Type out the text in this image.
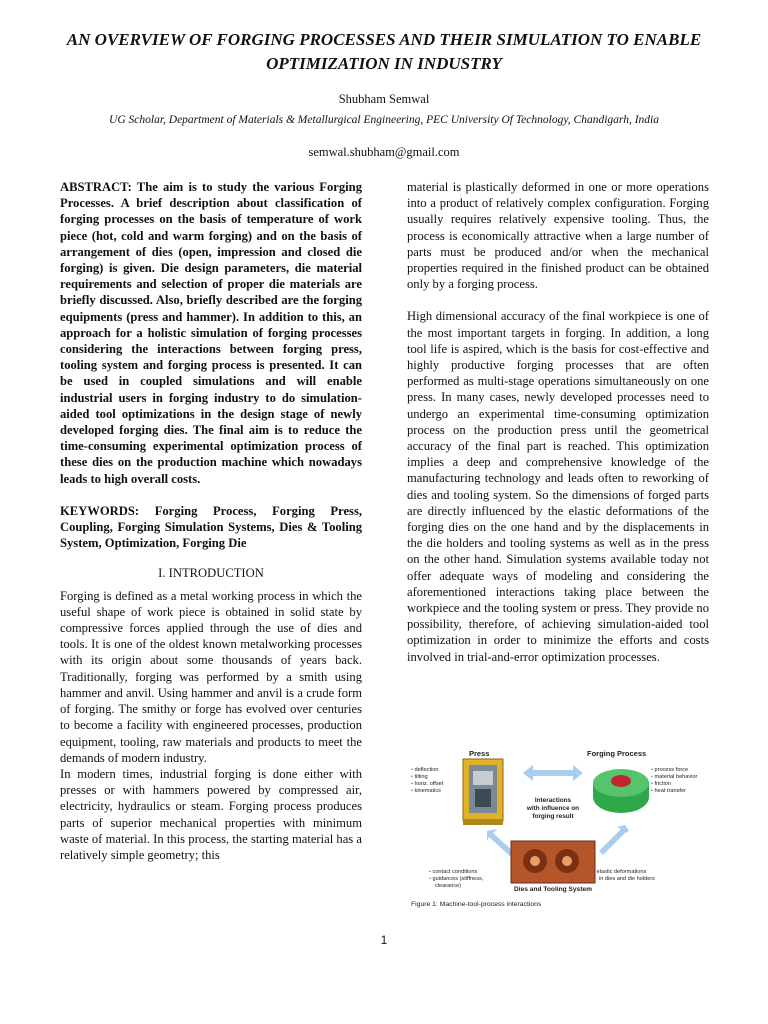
AN OVERVIEW OF FORGING PROCESSES AND THEIR SIMULATION TO ENABLE OPTIMIZATION IN INDUSTRY
Shubham Semwal
UG Scholar, Department of Materials & Metallurgical Engineering, PEC University Of Technology, Chandigarh, India
semwal.shubham@gmail.com

ABSTRACT: The aim is to study the various Forging Processes. A brief description about classification of forging processes on the basis of temperature of work piece (hot, cold and warm forging) and on the basis of arrangement of dies (open, impression and closed die forging) is given. Die design parameters, die material requirements and selection of proper die materials are briefly discussed. Also, briefly described are the forging equipments (press and hammer). In addition to this, an approach for a holistic simulation of forging processes considering the interactions between forging press, tooling system and forging process is presented. It can be used in coupled simulations and will enable industrial users in forging industry to do simulation-aided tool optimizations in the design stage of newly developed forging dies. The final aim is to reduce the time-consuming experimental optimization process of these dies on the production machine which nowadays leads to high overall costs.

KEYWORDS: Forging Process, Forging Press, Coupling, Forging Simulation Systems, Dies & Tooling System, Optimization, Forging Die

I. INTRODUCTION

Forging is defined as a metal working process in which the useful shape of work piece is obtained in solid state by compressive forces applied through the use of dies and tools. It is one of the oldest known metalworking processes with its origin about some thousands of years back. Traditionally, forging was performed by a smith using hammer and anvil. Using hammer and anvil is a crude form of forging. The smithy or forge has evolved over centuries to become a facility with engineered processes, production equipment, tooling, raw materials and products to meet the demands of modern industry.

In modern times, industrial forging is done either with presses or with hammers powered by compressed air, electricity, hydraulics or steam. Forging process produces parts of superior mechanical properties with minimum waste of material. In this process, the starting material has a relatively simple geometry; this

material is plastically deformed in one or more operations into a product of relatively complex configuration. Forging usually requires relatively expensive tooling. Thus, the process is economically attractive when a large number of parts must be produced and/or when the mechanical properties required in the finished product can be obtained only by a forging process.

High dimensional accuracy of the final workpiece is one of the most important targets in forging. In addition, a long tool life is aspired, which is the basis for cost-effective and highly productive forging processes that are often performed as multi-stage operations simultaneously on one press. In many cases, newly developed processes need to undergo an experimental time-consuming optimization process on the production press until the geometrical accuracy of the final part is reached. This optimization implies a deep and comprehensive knowledge of the manufacturing technology and leads often to reworking of dies and tooling system. So the dimensions of forged parts are directly influenced by the elastic deformations of the forging dies on the one hand and by the displacements in the die holders and tooling systems as well as in the press on the other hand. Simulation systems available today not offer adequate ways of modeling and considering the aforementioned interactions taking place between the workpiece and the tooling system or press. They provide no possibility, therefore, of achieving simulation-aided tool optimization in order to minimize the efforts and costs involved in trial-and-error optimization processes.

Press
• deflection
• tilting
• horiz. offset
• kinematics
Forging Process
• process force
• material behavior
• friction
• heat transfer
Interactions
with influence on
forging result
Dies and Tooling System
• contact conditions
• guidances (stiffness,
clearance)
• elastic deformations
in dies and die holders
Figure 1: Machine-tool-process interactions
1
